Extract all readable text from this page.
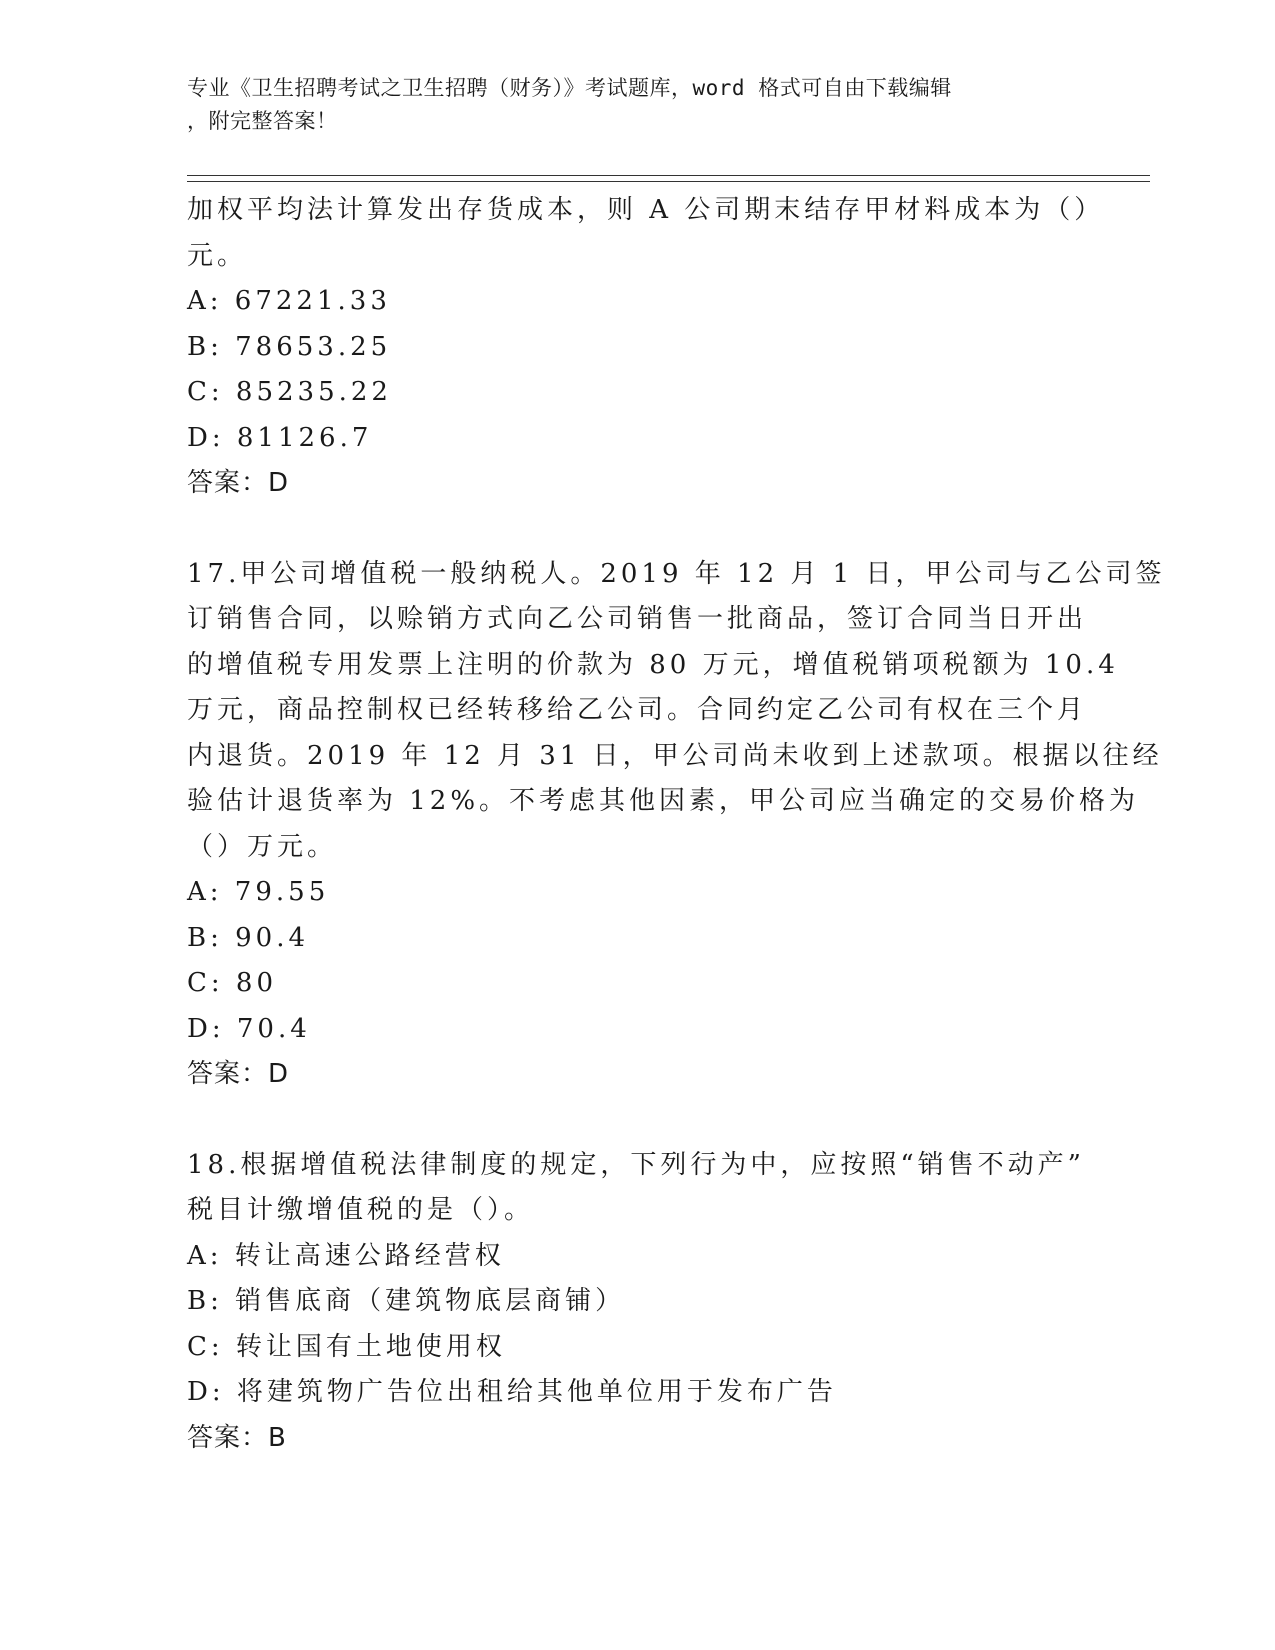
专业《卫生招聘考试之卫生招聘（财务）》考试题库，word 格式可自由下载编辑
，附完整答案！
加权平均法计算发出存货成本，则 A 公司期末结存甲材料成本为（）
元。
A: 67221.33
B: 78653.25
C: 85235.22
D: 81126.7
答案：D
17.甲公司增值税一般纳税人。2019 年 12 月 1 日，甲公司与乙公司签
订销售合同，以赊销方式向乙公司销售一批商品，签订合同当日开出
的增值税专用发票上注明的价款为 80 万元，增值税销项税额为 10.4
万元，商品控制权已经转移给乙公司。合同约定乙公司有权在三个月
内退货。2019 年 12 月 31 日，甲公司尚未收到上述款项。根据以往经
验估计退货率为 12%。不考虑其他因素，甲公司应当确定的交易价格为
（）万元。
A: 79.55
B: 90.4
C: 80
D: 70.4
答案：D
18.根据增值税法律制度的规定，下列行为中，应按照“销售不动产”
税目计缴增值税的是（）。
A: 转让高速公路经营权
B: 销售底商（建筑物底层商铺）
C: 转让国有土地使用权
D: 将建筑物广告位出租给其他单位用于发布广告
答案：B
